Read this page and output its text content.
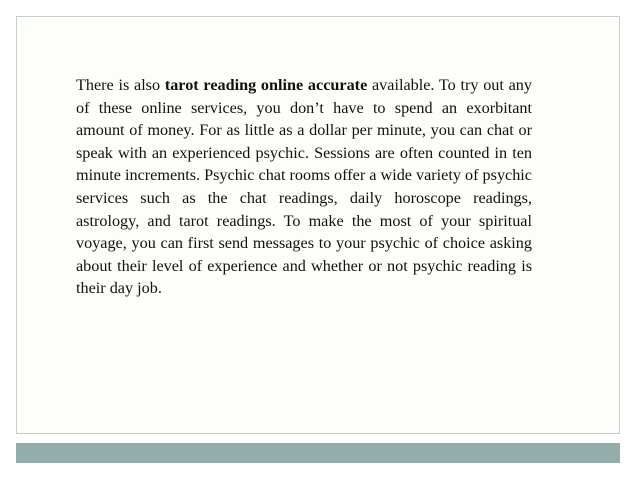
There is also tarot reading online accurate available. To try out any of these online services, you don’t have to spend an exorbitant amount of money. For as little as a dollar per minute, you can chat or speak with an experienced psychic. Sessions are often counted in ten minute increments. Psychic chat rooms offer a wide variety of psychic services such as the chat readings, daily horoscope readings, astrology, and tarot readings. To make the most of your spiritual voyage, you can first send messages to your psychic of choice asking about their level of experience and whether or not psychic reading is their day job.
